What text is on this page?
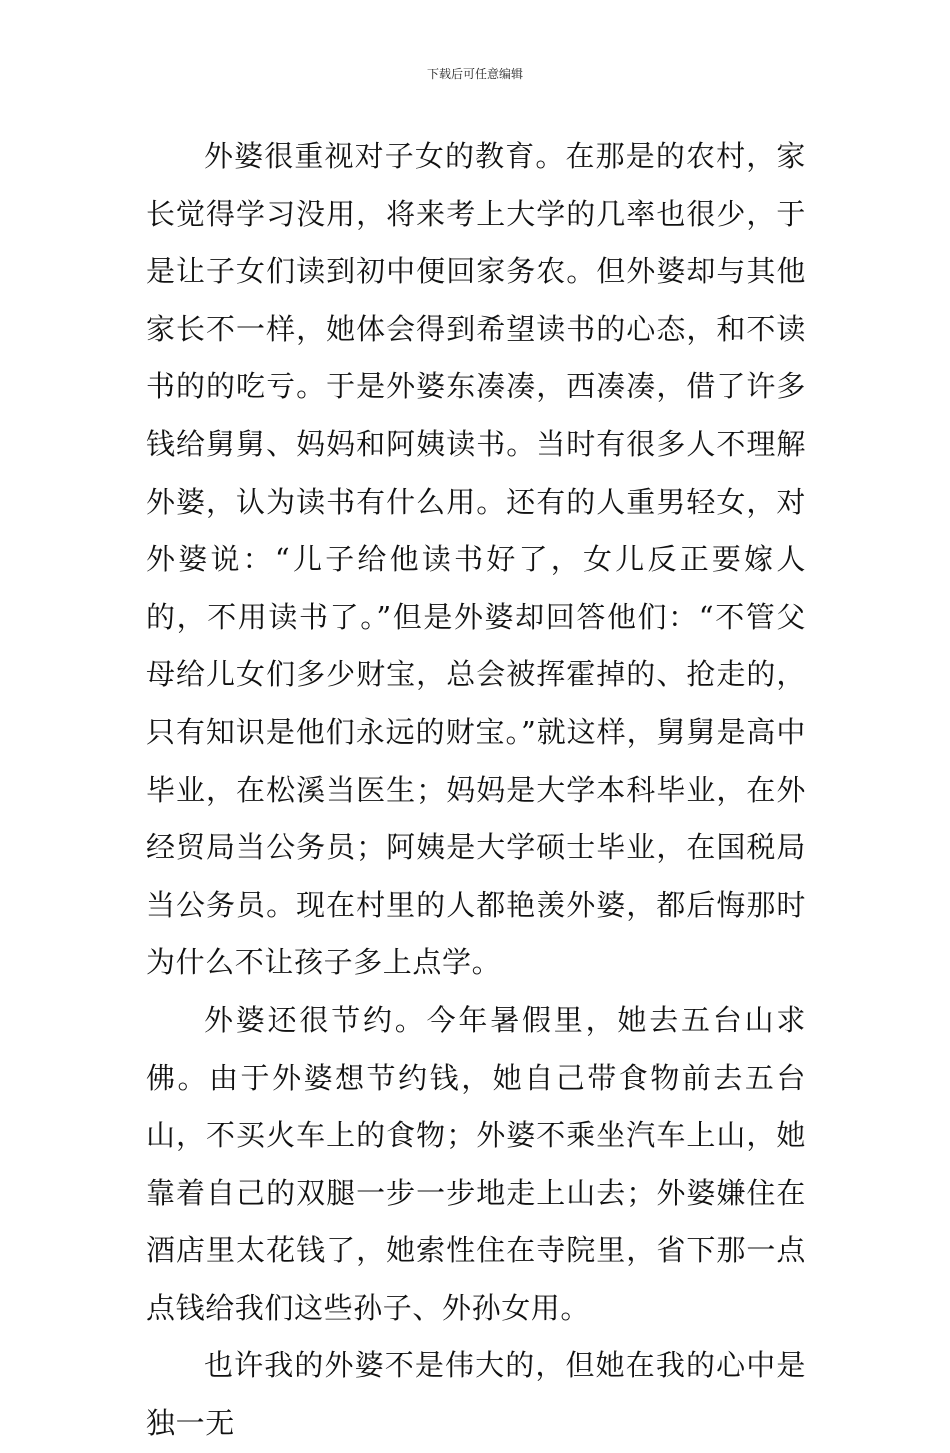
下载后可任意编辑

外婆很重视对子女的教育。在那是的农村，家长觉得学习没用，将来考上大学的几率也很少，于是让子女们读到初中便回家务农。但外婆却与其他家长不一样，她体会得到希望读书的心态，和不读书的的吃亏。于是外婆东凑凑，西凑凑，借了许多钱给舅舅、妈妈和阿姨读书。当时有很多人不理解外婆，认为读书有什么用。还有的人重男轻女，对外婆说：“儿子给他读书好了，女儿反正要嫁人的，不用读书了。”但是外婆却回答他们：“不管父母给儿女们多少财宝，总会被挥霍掉的、抢走的，只有知识是他们永远的财宝。”就这样，舅舅是高中毕业，在松溪当医生；妈妈是大学本科毕业，在外经贸局当公务员；阿姨是大学硕士毕业，在国税局当公务员。现在村里的人都艳羡外婆，都后悔那时为什么不让孩子多上点学。

外婆还很节约。今年暑假里，她去五台山求佛。由于外婆想节约钱，她自己带食物前去五台山，不买火车上的食物；外婆不乘坐汽车上山，她靠着自己的双腿一步一步地走上山去；外婆嫌住在酒店里太花钱了，她索性住在寺院里，省下那一点点钱给我们这些孙子、外孙女用。

也许我的外婆不是伟大的，但她在我的心中是独一无
